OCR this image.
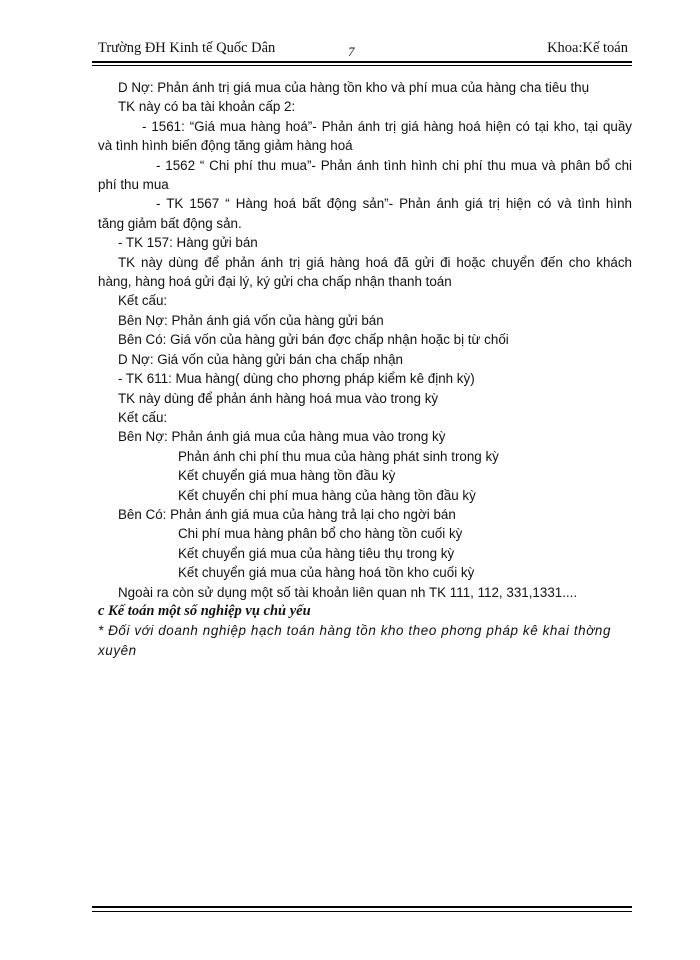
Trường ĐH Kinh tế Quốc Dân	7	Khoa:Kế toán

D Nợ: Phản ánh trị giá mua của hàng tồn kho và phí mua của hàng cha tiêu thụ

TK này có ba tài khoản cấp 2:

- 1561: “Giá mua hàng hoá”- Phản ánh trị giá hàng hoá hiện có tại kho, tại quầy

và tình hình biến động tăng giảm hàng hoá

- 1562 “ Chi phí thu mua”- Phản ánh tình hình chi phí thu mua và phân bổ chi

phí thu mua

- TK 1567 “ Hàng hoá bất động sản”- Phản ánh giá trị hiện có và tình hình

tăng giảm bất động sản.

- TK 157: Hàng gửi bán

TK này dùng để phản ánh trị giá hàng hoá đã gửi đi hoặc chuyển đến cho khách

hàng, hàng hoá gửi đại lý, ký gửi cha chấp nhận thanh toán

Kết cấu:

Bên Nợ: Phản ánh giá vốn của hàng gửi bán

Bên Có: Giá vốn của hàng gửi bán đợc chấp nhận hoặc bị từ chối

D Nợ: Giá vốn của hàng gửi bán cha chấp nhận

- TK 611: Mua hàng( dùng cho phơng pháp kiểm kê định kỳ)

TK này dùng để phản ánh hàng hoá mua vào trong kỳ

Kết cấu:

Bên Nợ: Phản ánh giá mua của hàng mua vào trong kỳ

Phản ánh chi phí thu mua của hàng phát sinh trong kỳ

Kết chuyển giá mua hàng tồn đầu kỳ

Kết chuyển chi phí mua hàng của hàng tồn đầu kỳ

Bên Có: Phản ánh giá mua của hàng trả lại cho ngời bán

Chi phí mua hàng phân bổ cho hàng tồn cuối kỳ

Kết chuyển giá mua của hàng tiêu thụ trong kỳ

Kết chuyển giá mua của hàng hoá tồn kho cuối kỳ

Ngoài ra còn sử dụng một số tài khoản liên quan nh TK 111, 112, 331,1331....

c Kế toán một số nghiệp vụ chủ yếu

* Đối với doanh nghiệp hạch toán hàng tồn kho theo phơng pháp kê khai thờng

xuyên
